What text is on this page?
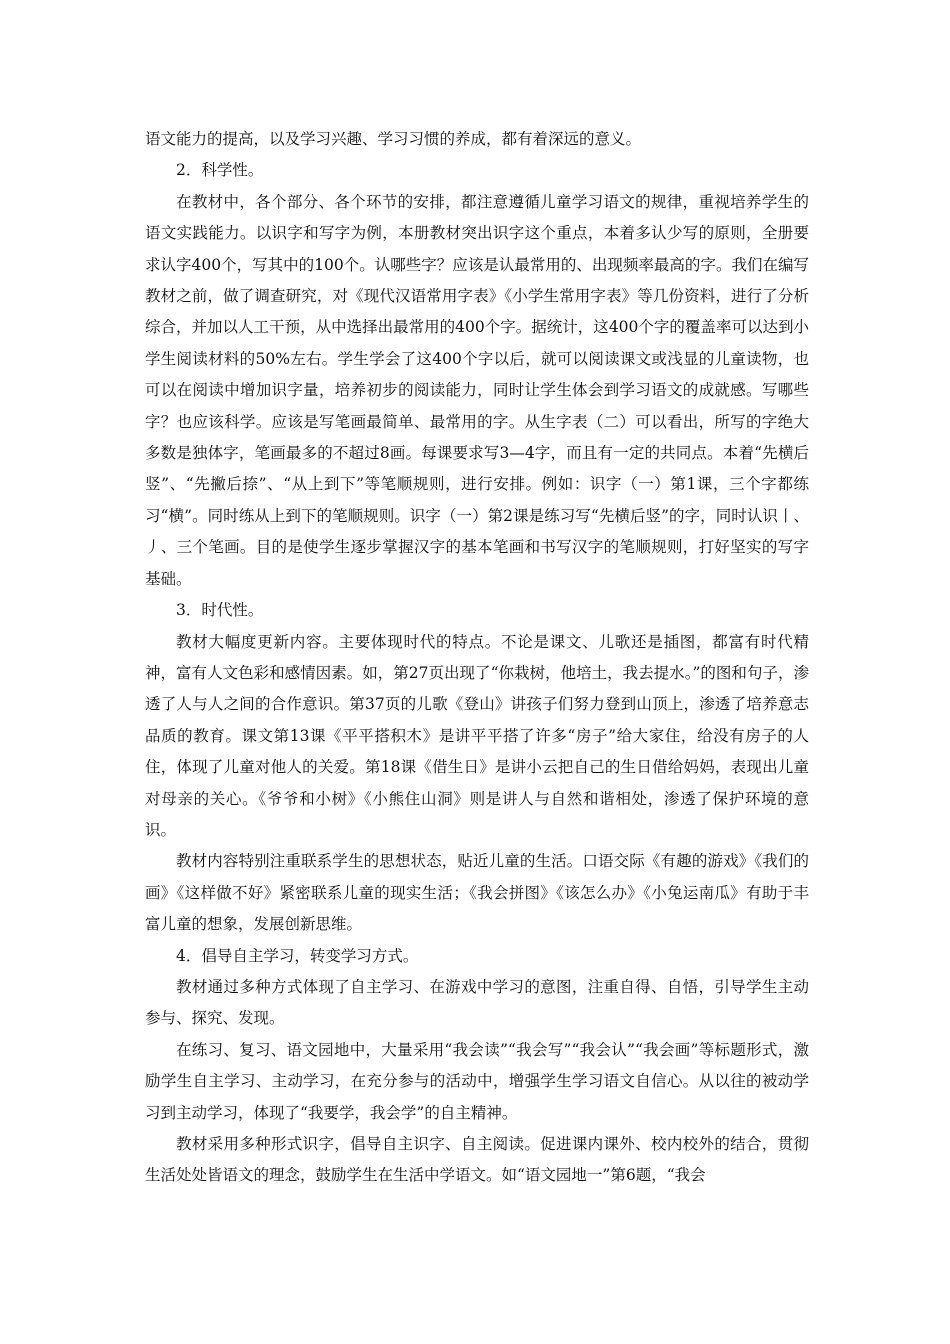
语文能力的提高，以及学习兴趣、学习习惯的养成，都有着深远的意义。

2．科学性。

在教材中，各个部分、各个环节的安排，都注意遵循儿童学习语文的规律，重视培养学生的语文实践能力。以识字和写字为例，本册教材突出识字这个重点，本着多认少写的原则，全册要求认字400个，写其中的100个。认哪些字？应该是认最常用的、出现频率最高的字。我们在编写教材之前，做了调查研究，对《现代汉语常用字表》《小学生常用字表》等几份资料，进行了分析综合，并加以人工干预，从中选择出最常用的400个字。据统计，这400个字的覆盖率可以达到小学生阅读材料的50%左右。学生学会了这400个字以后，就可以阅读课文或浅显的儿童读物，也可以在阅读中增加识字量，培养初步的阅读能力，同时让学生体会到学习语文的成就感。写哪些字？也应该科学。应该是写笔画最简单、最常用的字。从生字表（二）可以看出，所写的字绝大多数是独体字，笔画最多的不超过8画。每课要求写3—4字，而且有一定的共同点。本着“先横后竖”、“先撇后捺”、“从上到下”等笔顺规则，进行安排。例如：识字（一）第1课，三个字都练习“横”。同时练从上到下的笔顺规则。识字（一）第2课是练习写“先横后竖”的字，同时认识丨、丿、三个笔画。目的是使学生逐步掌握汉字的基本笔画和书写汉字的笔顺规则，打好坚实的写字基础。

3．时代性。

教材大幅度更新内容。主要体现时代的特点。不论是课文、儿歌还是插图，都富有时代精神，富有人文色彩和感情因素。如，第27页出现了“你栽树，他培土，我去提水。”的图和句子，渗透了人与人之间的合作意识。第37页的儿歌《登山》讲孩子们努力登到山顶上，渗透了培养意志品质的教育。课文第13课《平平搭积木》是讲平平搭了许多“房子”给大家住，给没有房子的人住，体现了儿童对他人的关爱。第18课《借生日》是讲小云把自己的生日借给妈妈，表现出儿童对母亲的关心。《爷爷和小树》《小熊住山洞》则是讲人与自然和谐相处，渗透了保护环境的意识。

教材内容特别注重联系学生的思想状态，贴近儿童的生活。口语交际《有趣的游戏》《我们的画》《这样做不好》紧密联系儿童的现实生活；《我会拼图》《该怎么办》《小兔运南瓜》有助于丰富儿童的想象，发展创新思维。

4．倡导自主学习，转变学习方式。

教材通过多种方式体现了自主学习、在游戏中学习的意图，注重自得、自悟，引导学生主动参与、探究、发现。

在练习、复习、语文园地中，大量采用“我会读”“我会写”“我会认”“我会画”等标题形式，激励学生自主学习、主动学习，在充分参与的活动中，增强学生学习语文自信心。从以往的被动学习到主动学习，体现了“我要学，我会学”的自主精神。

教材采用多种形式识字，倡导自主识字、自主阅读。促进课内课外、校内校外的结合，贯彻生活处处皆语文的理念，鼓励学生在生活中学语文。如“语文园地一”第6题，“我会
